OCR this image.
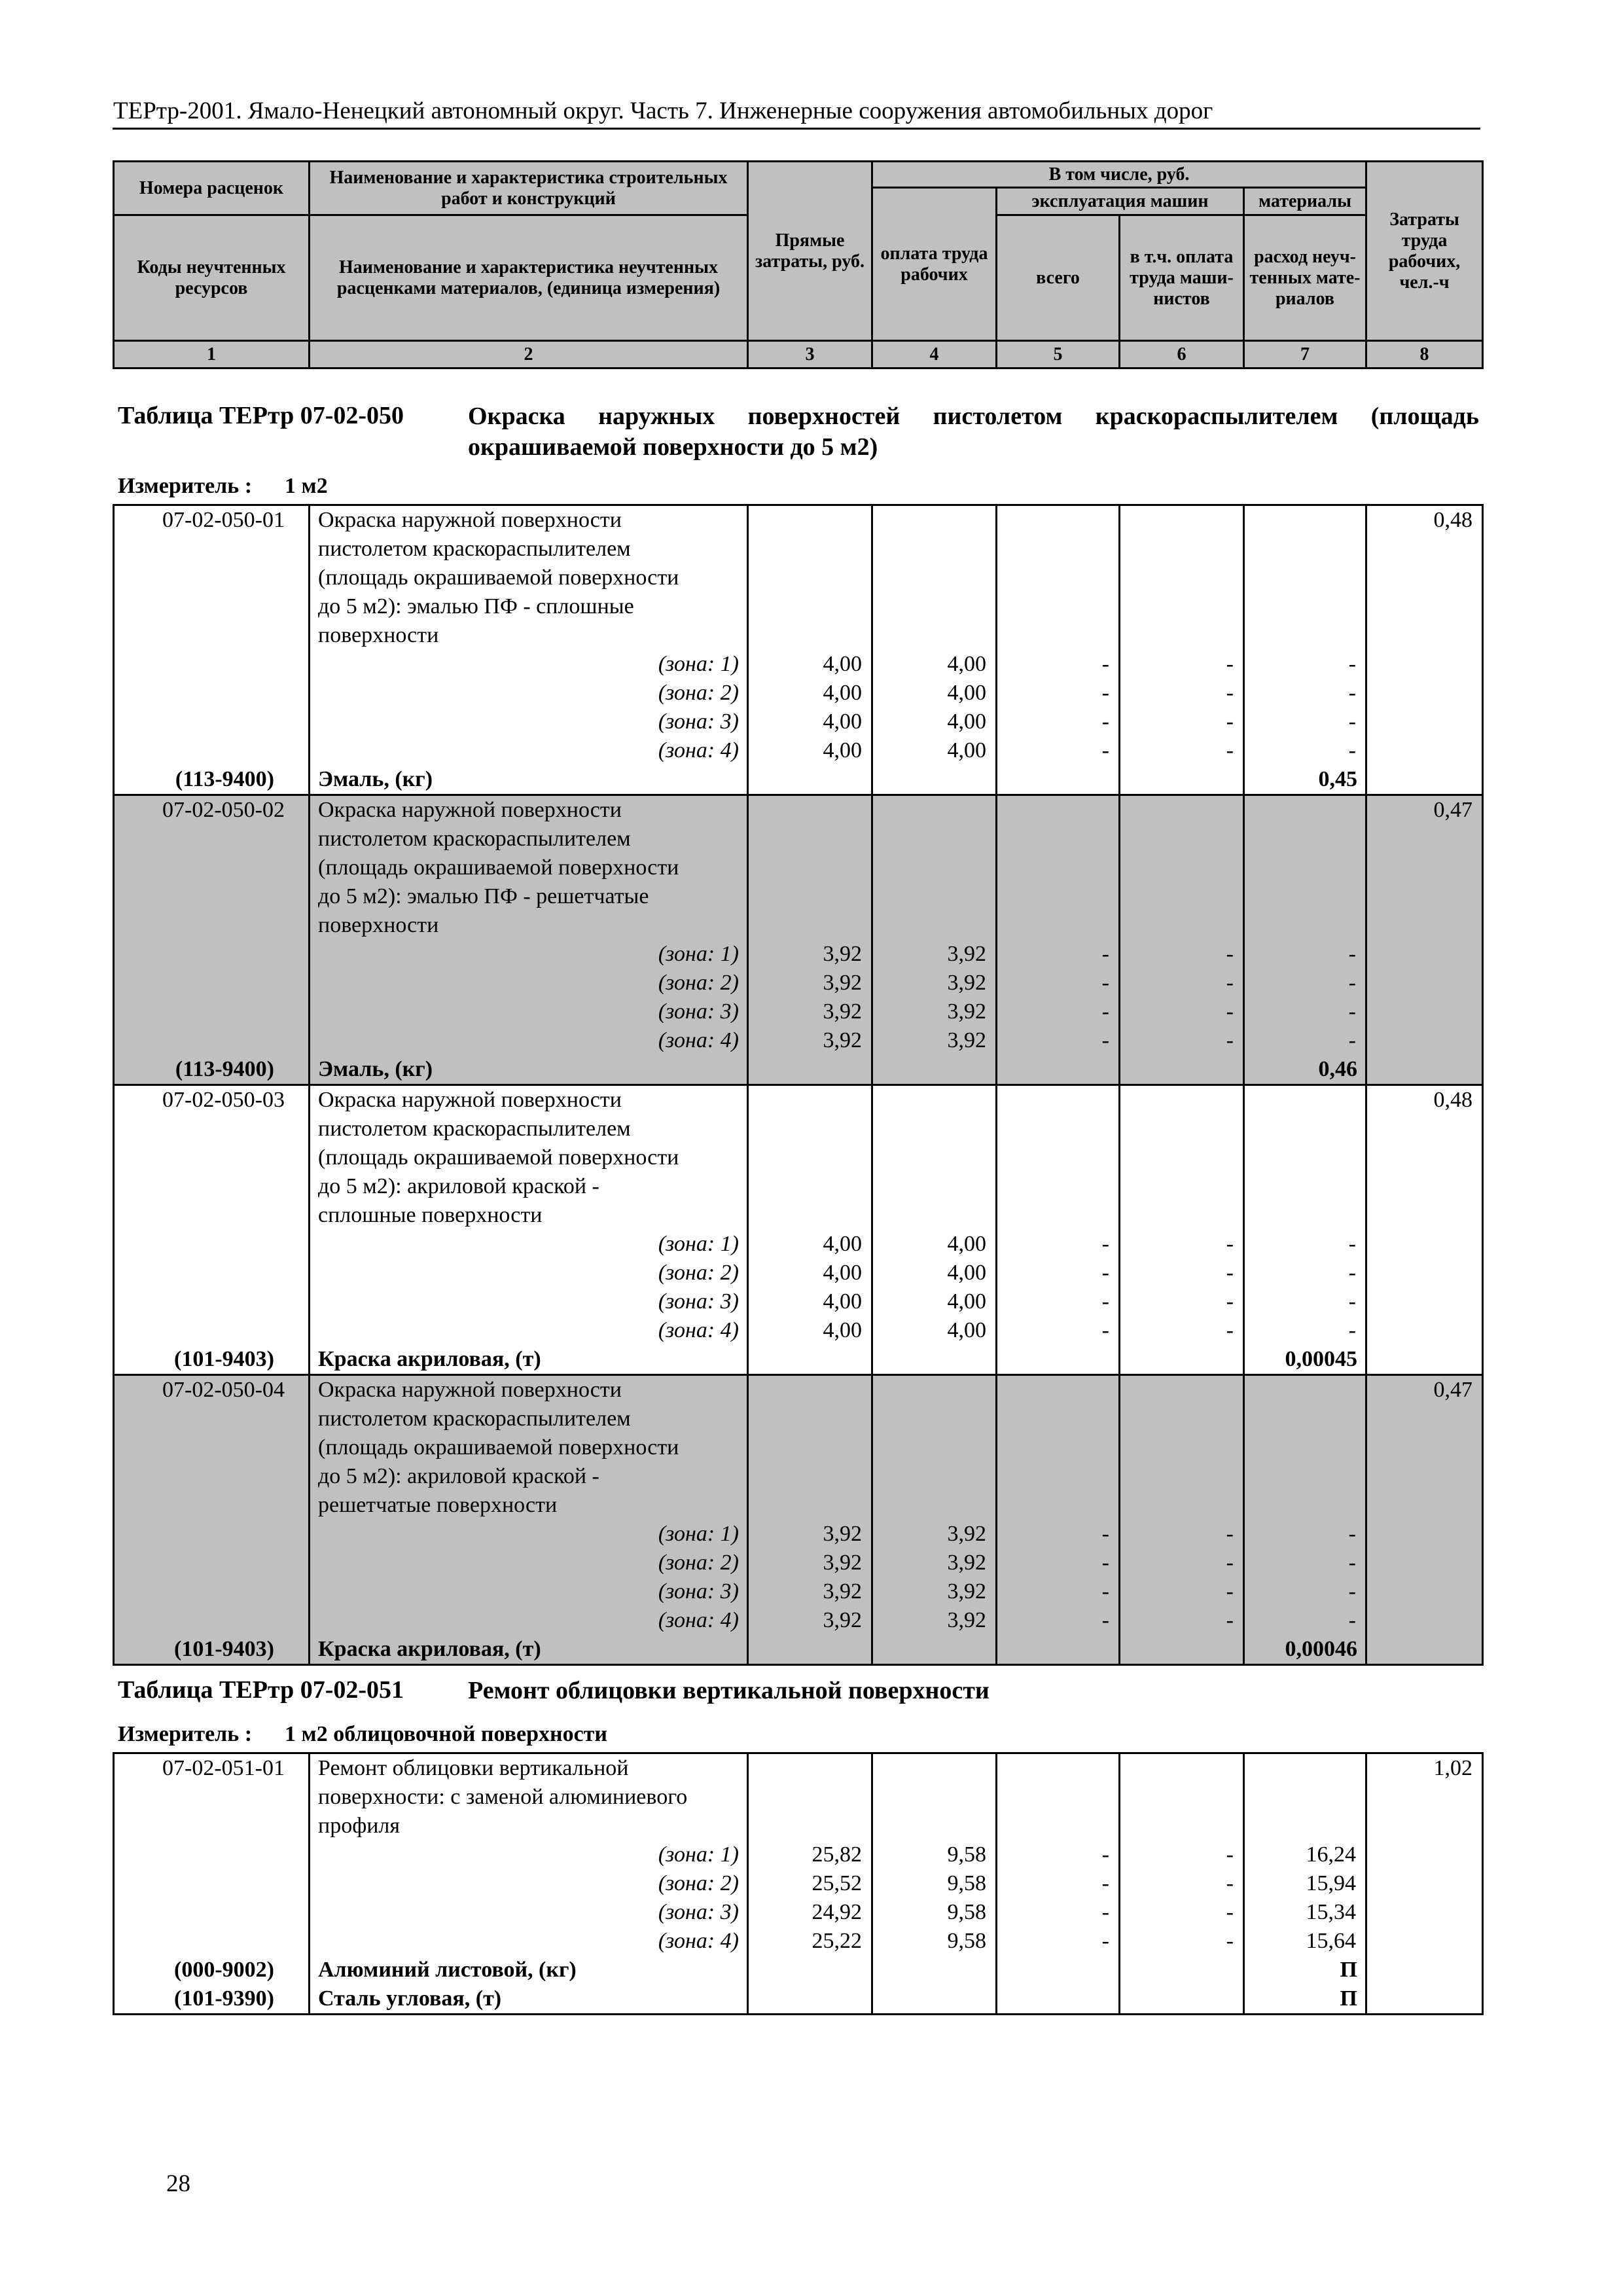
ТЕРтр-2001. Ямало-Ненецкий автономный округ. Часть 7. Инженерные сооружения автомобильных дорог
Номера расценок	Наименование и характеристика строительных работ и конструкций	Прямые затраты, руб.	В том числе, руб.				Затраты труда рабочих, чел.-ч
			оплата труда рабочих	эксплуатация машин		материалы	
Коды неучтенных ресурсов	Наименование и характеристика неучтенных расценками материалов, (единица измерения)			всего	в т.ч. оплата труда маши-нистов	расход неуч-тенных мате-риалов	
1	2	3	4	5	6	7	8
Таблица ТЕРтр 07-02-050	Окраска наружных поверхностей пистолетом краскораспылителем (площадь окрашиваемой поверхности до 5 м2)
Измеритель : 1 м2
07-02-050-01	Окраска наружной поверхности						0,48
	пистолетом краскораспылителем						
	(площадь окрашиваемой поверхности						
	до 5 м2): эмалью ПФ - сплошные						
	поверхности						
	(зона: 1)	4,00	4,00	-	-	-	
	(зона: 2)	4,00	4,00	-	-	-	
	(зона: 3)	4,00	4,00	-	-	-	
	(зона: 4)	4,00	4,00	-	-	-	
(113-9400)	Эмаль, (кг)					0,45	
07-02-050-02	Окраска наружной поверхности						0,47
	пистолетом краскораспылителем						
	(площадь окрашиваемой поверхности						
	до 5 м2): эмалью ПФ - решетчатые						
	поверхности						
	(зона: 1)	3,92	3,92	-	-	-	
	(зона: 2)	3,92	3,92	-	-	-	
	(зона: 3)	3,92	3,92	-	-	-	
	(зона: 4)	3,92	3,92	-	-	-	
(113-9400)	Эмаль, (кг)					0,46	
07-02-050-03	Окраска наружной поверхности						0,48
	пистолетом краскораспылителем						
	(площадь окрашиваемой поверхности						
	до 5 м2): акриловой краской -						
	сплошные поверхности						
	(зона: 1)	4,00	4,00	-	-	-	
	(зона: 2)	4,00	4,00	-	-	-	
	(зона: 3)	4,00	4,00	-	-	-	
	(зона: 4)	4,00	4,00	-	-	-	
(101-9403)	Краска акриловая, (т)					0,00045	
07-02-050-04	Окраска наружной поверхности						0,47
	пистолетом краскораспылителем						
	(площадь окрашиваемой поверхности						
	до 5 м2): акриловой краской -						
	решетчатые поверхности						
	(зона: 1)	3,92	3,92	-	-	-	
	(зона: 2)	3,92	3,92	-	-	-	
	(зона: 3)	3,92	3,92	-	-	-	
	(зона: 4)	3,92	3,92	-	-	-	
(101-9403)	Краска акриловая, (т)					0,00046	
Таблица ТЕРтр 07-02-051	Ремонт облицовки вертикальной поверхности
Измеритель : 1 м2 облицовочной поверхности
07-02-051-01	Ремонт облицовки вертикальной						1,02
	поверхности: с заменой алюминиевого						
	профиля						
	(зона: 1)	25,82	9,58	-	-	16,24	
	(зона: 2)	25,52	9,58	-	-	15,94	
	(зона: 3)	24,92	9,58	-	-	15,34	
	(зона: 4)	25,22	9,58	-	-	15,64	
(000-9002)	Алюминий листовой, (кг)					П	
(101-9390)	Сталь угловая, (т)					П	
28
